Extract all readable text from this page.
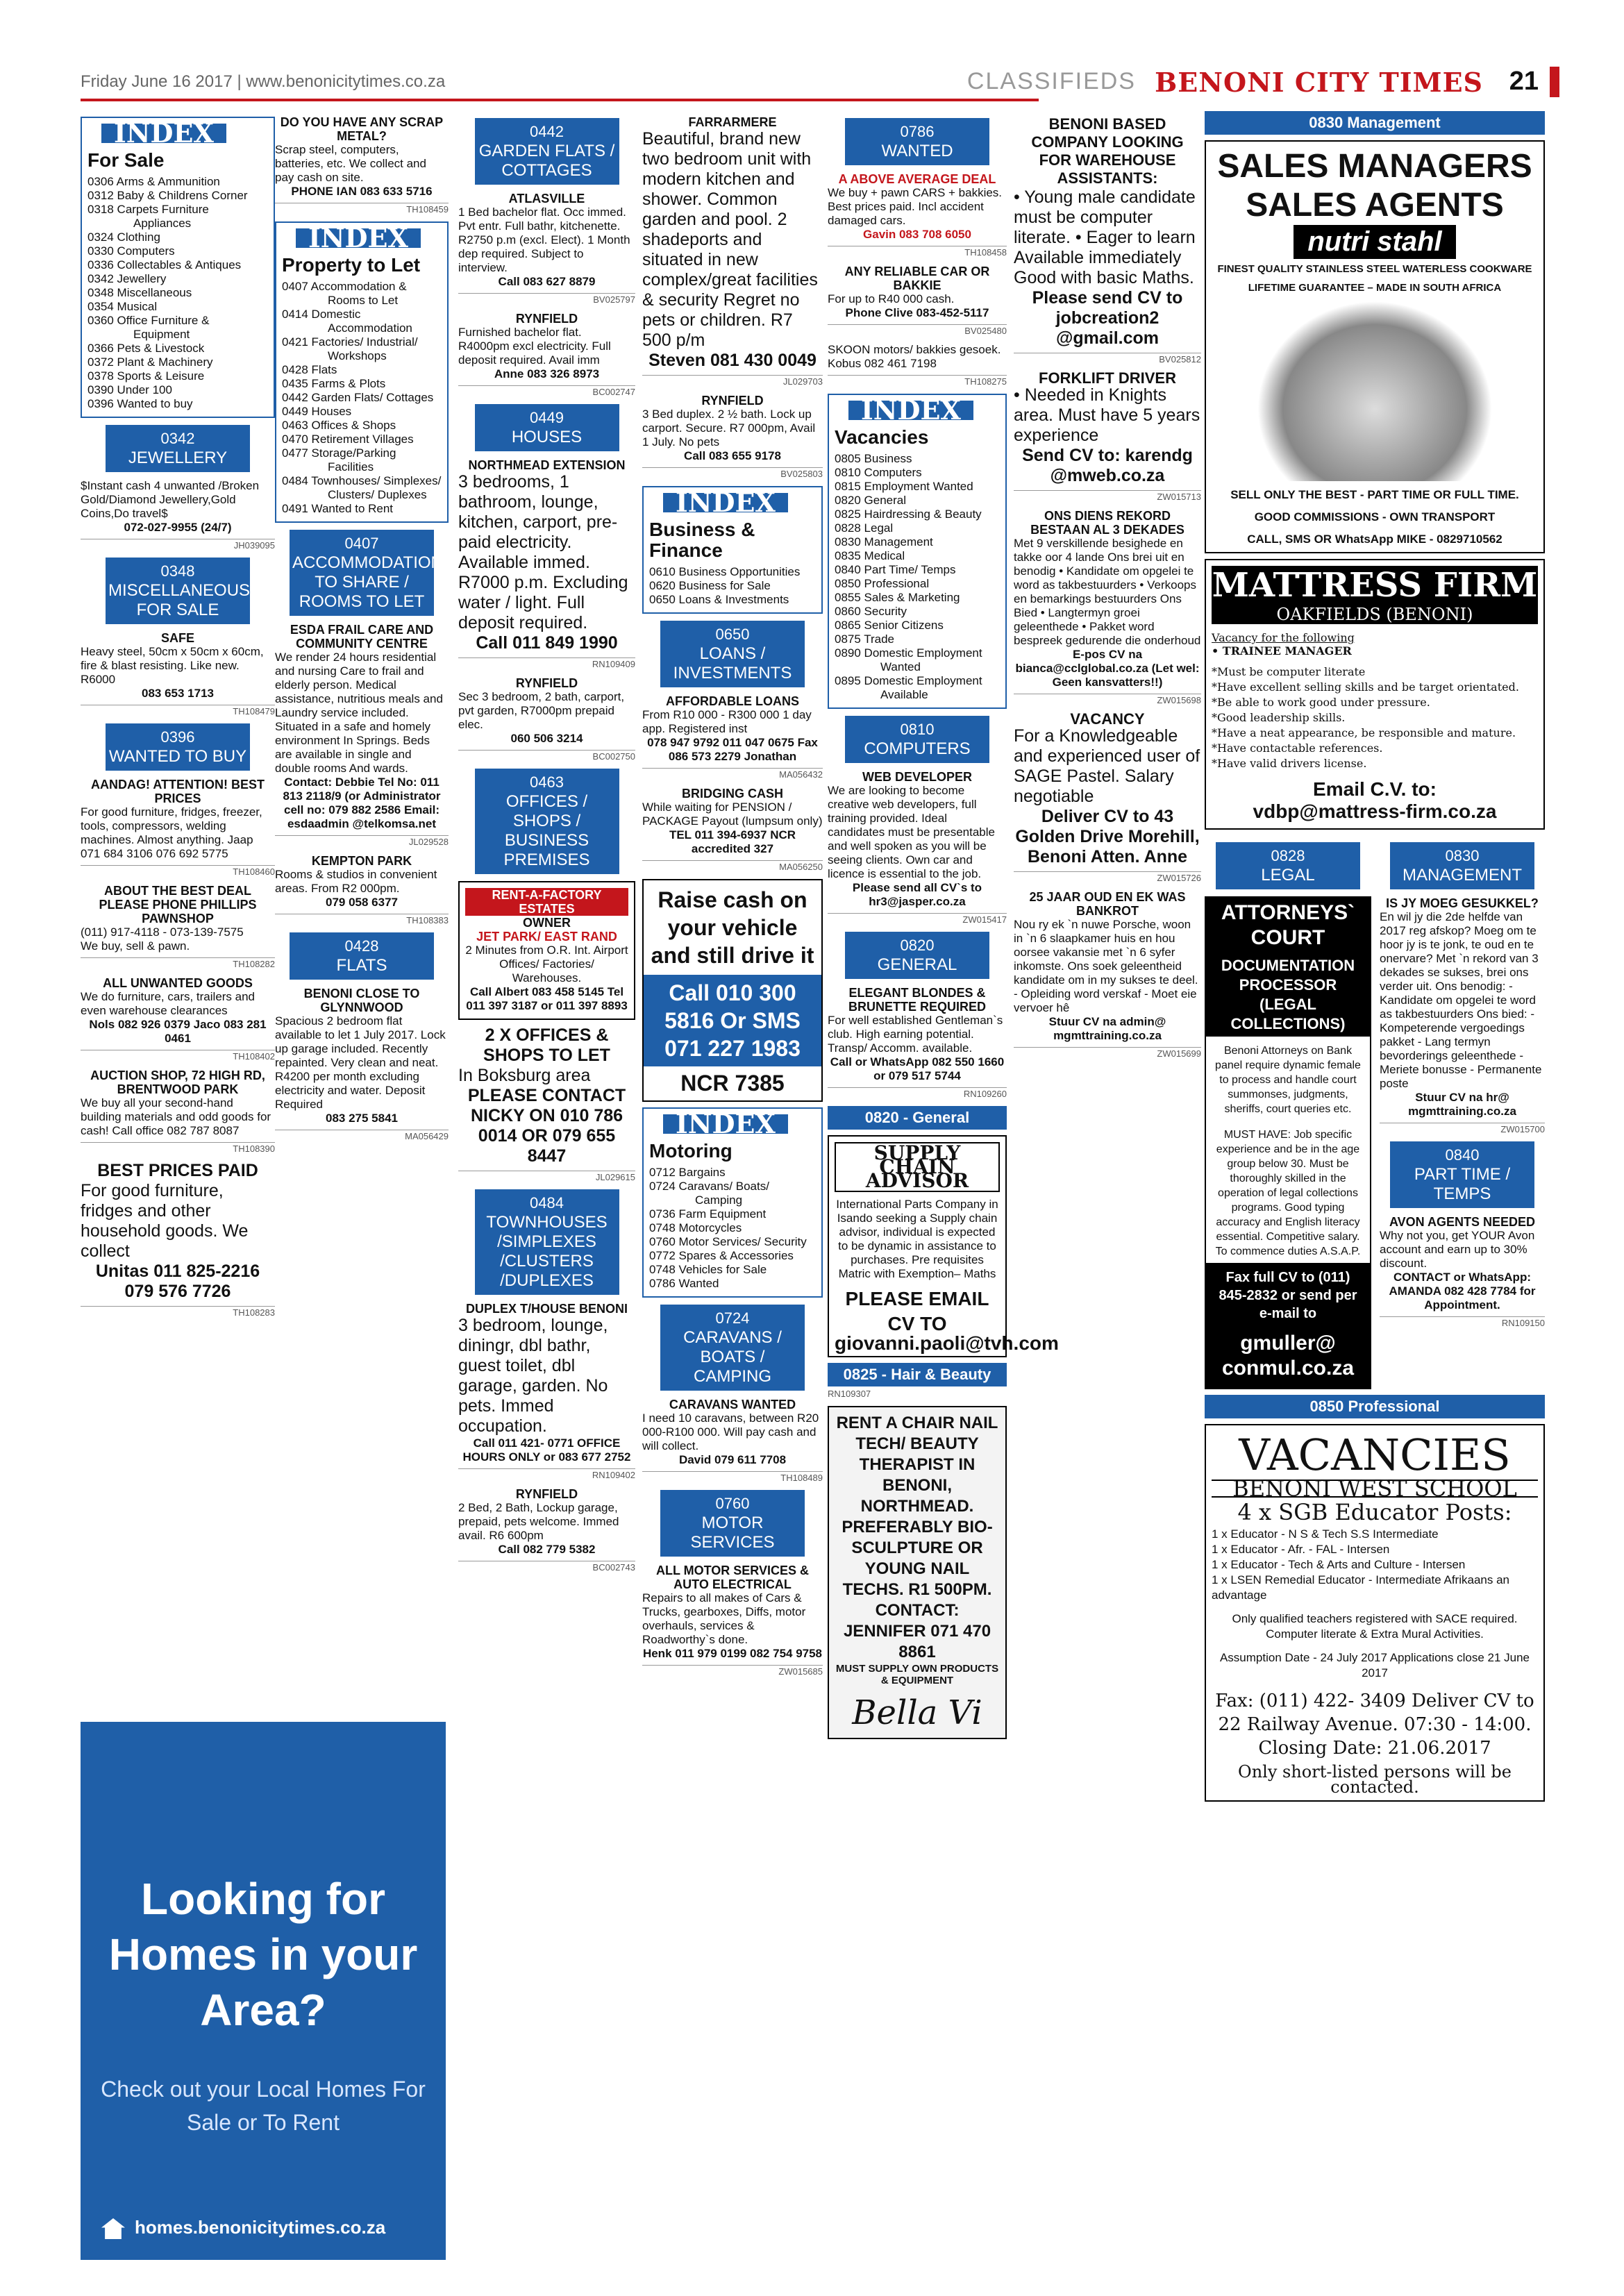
Friday June 16 2017 | www.benonicitytimes.co.za	CLASSIFIEDS BENONI CITY TIMES 21
INDEX
For Sale
0306 Arms & Ammunition
0312 Baby & Childrens Corner
0318 Carpets Furniture Appliances
0324 Clothing
0330 Computers
0336 Collectables & Antiques
0342 Jewellery
0348 Miscellaneous
0354 Musical
0360 Office Furniture & Equipment
0366 Pets & Livestock
0372 Plant & Machinery
0378 Sports & Leisure
0390 Under 100
0396 Wanted to buy
0342
JEWELLERY
$Instant cash 4 unwanted /Broken Gold/Diamond Jewellery,Gold Coins,Do travel$
072-027-9955 (24/7)
JH039095
0348
MISCELLANEOUS FOR SALE
SAFE
Heavy steel, 50cm x 50cm x 60cm, fire & blast resisting. Like new. R6000
083 653 1713
TH108479
0396
WANTED TO BUY
AANDAG! ATTENTION! BEST PRICES
For good furniture, fridges, freezer, tools, compressors, welding machines. Almost anything. Jaap 071 684 3106 076 692 5775
TH108460
ABOUT THE BEST DEAL PLEASE PHONE PHILLIPS PAWNSHOP
(011) 917-4118 - 073-139-7575
We buy, sell & pawn.
TH108282
ALL UNWANTED GOODS
We do furniture, cars, trailers and even warehouse clearances
Nols 082 926 0379 Jaco 083 281 0461
TH108402
AUCTION SHOP, 72 HIGH RD, BRENTWOOD PARK
We buy all your second-hand building materials and odd goods for cash! Call office 082 787 8087
TH108390
BEST PRICES PAID
For good furniture, fridges and other household goods. We collect
Unitas 011 825-2216 079 576 7726
TH108283
DO YOU HAVE ANY SCRAP METAL?
Scrap steel, computers, batteries, etc. We collect and pay cash on site.
PHONE IAN 083 633 5716
TH108459
INDEX
Property to Let
0407 Accommodation & Rooms to Let
0414 Domestic Accommodation
0421 Factories/ Industrial/ Workshops
0428 Flats
0435 Farms & Plots
0442 Garden Flats/ Cottages
0449 Houses
0463 Offices & Shops
0470 Retirement Villages
0477 Storage/Parking Facilities
0484 Townhouses/ Simplexes/ Clusters/ Duplexes
0491 Wanted to Rent
0407
ACCOMMODATION TO SHARE / ROOMS TO LET
ESDA FRAIL CARE AND COMMUNITY CENTRE
We render 24 hours residential and nursing Care to frail and elderly person. Medical assistance, nutritious meals and Laundry service included. Situated in a safe and homely environment In Springs. Beds are available in single and double rooms And wards.
Contact: Debbie Tel No: 011 813 2118/9 (or Administrator cell no: 079 882 2586 Email: esdaadmin @telkomsa.net
JL029528
KEMPTON PARK
Rooms & studios in convenient areas. From R2 000pm.
079 058 6377
TH108383
0428
FLATS
BENONI CLOSE TO GLYNNWOOD
Spacious 2 bedroom flat available to let 1 July 2017. Lock up garage included. Recently repainted. Very clean and neat. R4200 per month excluding electricity and water. Deposit Required
083 275 5841
MA056429
0442
GARDEN FLATS / COTTAGES
ATLASVILLE
1 Bed bachelor flat. Occ immed. Pvt entr. Full bathr, kitchenette. R2750 p.m (excl. Elect). 1 Month dep required. Subject to interview.
Call 083 627 8879
BV025797
RYNFIELD
Furnished bachelor flat. R4000pm excl electricity. Full deposit required. Avail imm
Anne 083 326 8973
BC002747
0449
HOUSES
NORTHMEAD EXTENSION
3 bedrooms, 1 bathroom, lounge, kitchen, carport, pre- paid electricity. Available immed. R7000 p.m. Excluding water / light. Full deposit required.
Call 011 849 1990
RN109409
RYNFIELD
Sec 3 bedroom, 2 bath, carport, pvt garden, R7000pm prepaid elec.
060 506 3214
BC002750
0463
OFFICES / SHOPS / BUSINESS PREMISES
RENT-A-FACTORY ESTATES
OWNER
JET PARK/ EAST RAND
2 Minutes from O.R. Int. Airport
Offices/ Factories/ Warehouses.
Call Albert 083 458 5145 Tel 011 397 3187 or 011 397 8893
2 X OFFICES & SHOPS TO LET
In Boksburg area
PLEASE CONTACT NICKY ON 010 786 0014 OR 079 655 8447
JL029615
0484
TOWNHOUSES /SIMPLEXES /CLUSTERS /DUPLEXES
DUPLEX T/HOUSE BENONI
3 bedroom, lounge, diningr, dbl bathr, guest toilet, dbl garage, garden. No pets. Immed occupation.
Call 011 421- 0771 OFFICE HOURS ONLY or 083 677 2752
RN109402
RYNFIELD
2 Bed, 2 Bath, Lockup garage, prepaid, pets welcome. Immed avail. R6 600pm
Call 082 779 5382
BC002743
FARRARMERE
Beautiful, brand new two bedroom unit with modern kitchen and shower. Common garden and pool. 2 shadeports and situated in new complex/great facilities & security Regret no pets or children. R7 500 p/m
Steven 081 430 0049
JL029703
RYNFIELD
3 Bed duplex. 2 ½ bath. Lock up carport. Secure. R7 000pm, Avail 1 July. No pets
Call 083 655 9178
BV025803
INDEX
Business & Finance
0610 Business Opportunities
0620 Business for Sale
0650 Loans & Investments
0650
LOANS / INVESTMENTS
AFFORDABLE LOANS
From R10 000 - R300 000 1 day app. Registered inst
078 947 9792 011 047 0675 Fax 086 573 2279 Jonathan
MA056432
BRIDGING CASH
While waiting for PENSION / PACKAGE Payout (lumpsum only)
TEL 011 394-6937 NCR accredited 327
MA056250
Raise cash on your vehicle and still drive it
Call 010 300 5816 Or SMS 071 227 1983
NCR 7385
INDEX
Motoring
0712 Bargains
0724 Caravans/ Boats/ Camping
0736 Farm Equipment
0748 Motorcycles
0760 Motor Services/ Security
0772 Spares & Accessories
0748 Vehicles for Sale
0786 Wanted
0724
CARAVANS / BOATS / CAMPING
CARAVANS WANTED
I need 10 caravans, between R20 000-R100 000. Will pay cash and will collect.
David 079 611 7708
TH108489
0760
MOTOR SERVICES
ALL MOTOR SERVICES & AUTO ELECTRICAL
Repairs to all makes of Cars & Trucks, gearboxes, Diffs, motor overhauls, services & Roadworthy`s done.
Henk 011 979 0199 082 754 9758
ZW015685
0786
WANTED
A ABOVE AVERAGE DEAL
We buy + pawn CARS + bakkies. Best prices paid. Incl accident damaged cars.
Gavin 083 708 6050
TH108458
ANY RELIABLE CAR OR BAKKIE
For up to R40 000 cash.
Phone Clive 083-452-5117
BV025480
SKOON motors/ bakkies gesoek. Kobus 082 461 7198
TH108275
INDEX
Vacancies
0805 Business
0810 Computers
0815 Employment Wanted
0820 General
0825 Hairdressing & Beauty
0828 Legal
0830 Management
0835 Medical
0840 Part Time/ Temps
0850 Professional
0855 Sales & Marketing
0860 Security
0865 Senior Citizens
0875 Trade
0890 Domestic Employment Wanted
0895 Domestic Employment Available
0810
COMPUTERS
WEB DEVELOPER
We are looking to become creative web developers, full training provided. Ideal candidates must be presentable and well spoken as you will be seeing clients. Own car and licence is essential to the job.
Please send all CV`s to hr3@jasper.co.za
ZW015417
0820
GENERAL
ELEGANT BLONDES & BRUNETTE REQUIRED
For well established Gentleman`s club. High earning potential. Transp/ Accomm. available.
Call or WhatsApp 082 550 1660 or 079 517 5744
RN109260
0820 - General
SUPPLY CHAIN ADVISOR
International Parts Company in Isando seeking a Supply chain advisor, individual is expected to be dynamic in assistance to purchases. Pre requisites Matric with Exemption– Maths
PLEASE EMAIL CV TO
giovanni.paoli@tvh.com
0825 - Hair & Beauty
RN109307
RENT A CHAIR NAIL TECH/ BEAUTY THERAPIST IN BENONI, NORTHMEAD. PREFERABLY BIO-SCULPTURE OR YOUNG NAIL TECHS. R1 500PM. CONTACT: JENNIFER 071 470 8861
MUST SUPPLY OWN PRODUCTS & EQUIPMENT
Bella Vi
BENONI BASED COMPANY LOOKING FOR WAREHOUSE ASSISTANTS:
• Young male candidate must be computer literate. • Eager to learn Available immediately Good with basic Maths.
Please send CV to jobcreation2 @gmail.com
BV025812
FORKLIFT DRIVER
• Needed in Knights area. Must have 5 years experience
Send CV to: karendg @mweb.co.za
ZW015713
ONS DIENS REKORD BESTAAN AL 3 DEKADES
Met 9 verskillende besighede en takke oor 4 lande Ons brei uit en benodig • Kandidate om opgelei te word as takbestuurders • Verkoops en bemarkings bestuurders Ons Bied • Langtermyn groei geleenthede • Pakket word bespreek gedurende die onderhoud
E-pos CV na bianca@cclglobal.co.za (Let wel: Geen kansvatters!!)
ZW015698
VACANCY
For a Knowledgeable and experienced user of SAGE Pastel. Salary negotiable
Deliver CV to 43 Golden Drive Morehill, Benoni Atten. Anne
ZW015726
25 JAAR OUD EN EK WAS BANKROT
Nou ry ek `n nuwe Porsche, woon in `n 6 slaapkamer huis en hou oorsee vakansie met `n 6 syfer inkomste. Ons soek geleentheid kandidate om in my sukses te deel. - Opleiding word verskaf - Moet eie vervoer hê
Stuur CV na admin@ mgmttraining.co.za
ZW015699
0830 Management
SALES MANAGERS SALES AGENTS
nutri stahl
FINEST QUALITY STAINLESS STEEL WATERLESS COOKWARE
LIFETIME GUARANTEE – MADE IN SOUTH AFRICA
SELL ONLY THE BEST - PART TIME OR FULL TIME.
GOOD COMMISSIONS - OWN TRANSPORT
CALL, SMS OR WhatsApp MIKE - 0829710562
MATTRESS FIRM
OAKFIELDS (BENONI)
Vacancy for the following
• TRAINEE MANAGER
*Must be computer literate
*Have excellent selling skills and be target orientated.
*Be able to work good under pressure.
*Good leadership skills.
*Have a neat appearance, be responsible and mature.
*Have contactable references.
*Have valid drivers license.
Email C.V. to:
vdbp@mattress-firm.co.za
0828
LEGAL
ATTORNEYS` COURT
DOCUMENTATION PROCESSOR (LEGAL COLLECTIONS)
Benoni Attorneys on Bank panel require dynamic female to process and handle court summonses, judgments, sheriffs, court queries etc.
MUST HAVE: Job specific experience and be in the age group below 30. Must be thoroughly skilled in the operation of legal collections programs. Good typing accuracy and English literacy essential. Competitive salary. To commence duties A.S.A.P.
Fax full CV to (011) 845-2832 or send per e-mail to
gmuller@ conmul.co.za
0830
MANAGEMENT
IS JY MOEG GESUKKEL?
En wil jy die 2de helfde van 2017 reg afskop? Moeg om te hoor jy is te jonk, te oud en te onervare? Met `n rekord van 3 dekades se sukses, brei ons verder uit. Ons benodig: - Kandidate om opgelei te word as takbestuurders Ons bied: - Kompeterende vergoedings pakket - Lang termyn bevorderings geleenthede - Meriete bonusse - Permanente poste
Stuur CV na hr@ mgmttraining.co.za
ZW015700
0840
PART TIME / TEMPS
AVON AGENTS NEEDED
Why not you, get YOUR Avon account and earn up to 30% discount.
CONTACT or WhatsApp: AMANDA 082 428 7784 for Appointment.
RN109150
0850 Professional
VACANCIES
BENONI WEST SCHOOL
4 x SGB Educator Posts:
1 x Educator - N S & Tech S.S Intermediate
1 x Educator - Afr. - FAL - Intersen
1 x Educator - Tech & Arts and Culture - Intersen
1 x LSEN Remedial Educator - Intermediate Afrikaans an advantage
Only qualified teachers registered with SACE required. Computer literate & Extra Mural Activities.
Assumption Date - 24 July 2017 Applications close 21 June 2017
Fax: (011) 422- 3409 Deliver CV to 22 Railway Avenue. 07:30 - 14:00. Closing Date: 21.06.2017
Only short-listed persons will be contacted.
Looking for Homes in your Area?
Check out your Local Homes For Sale or To Rent
homes.benonicitytimes.co.za
